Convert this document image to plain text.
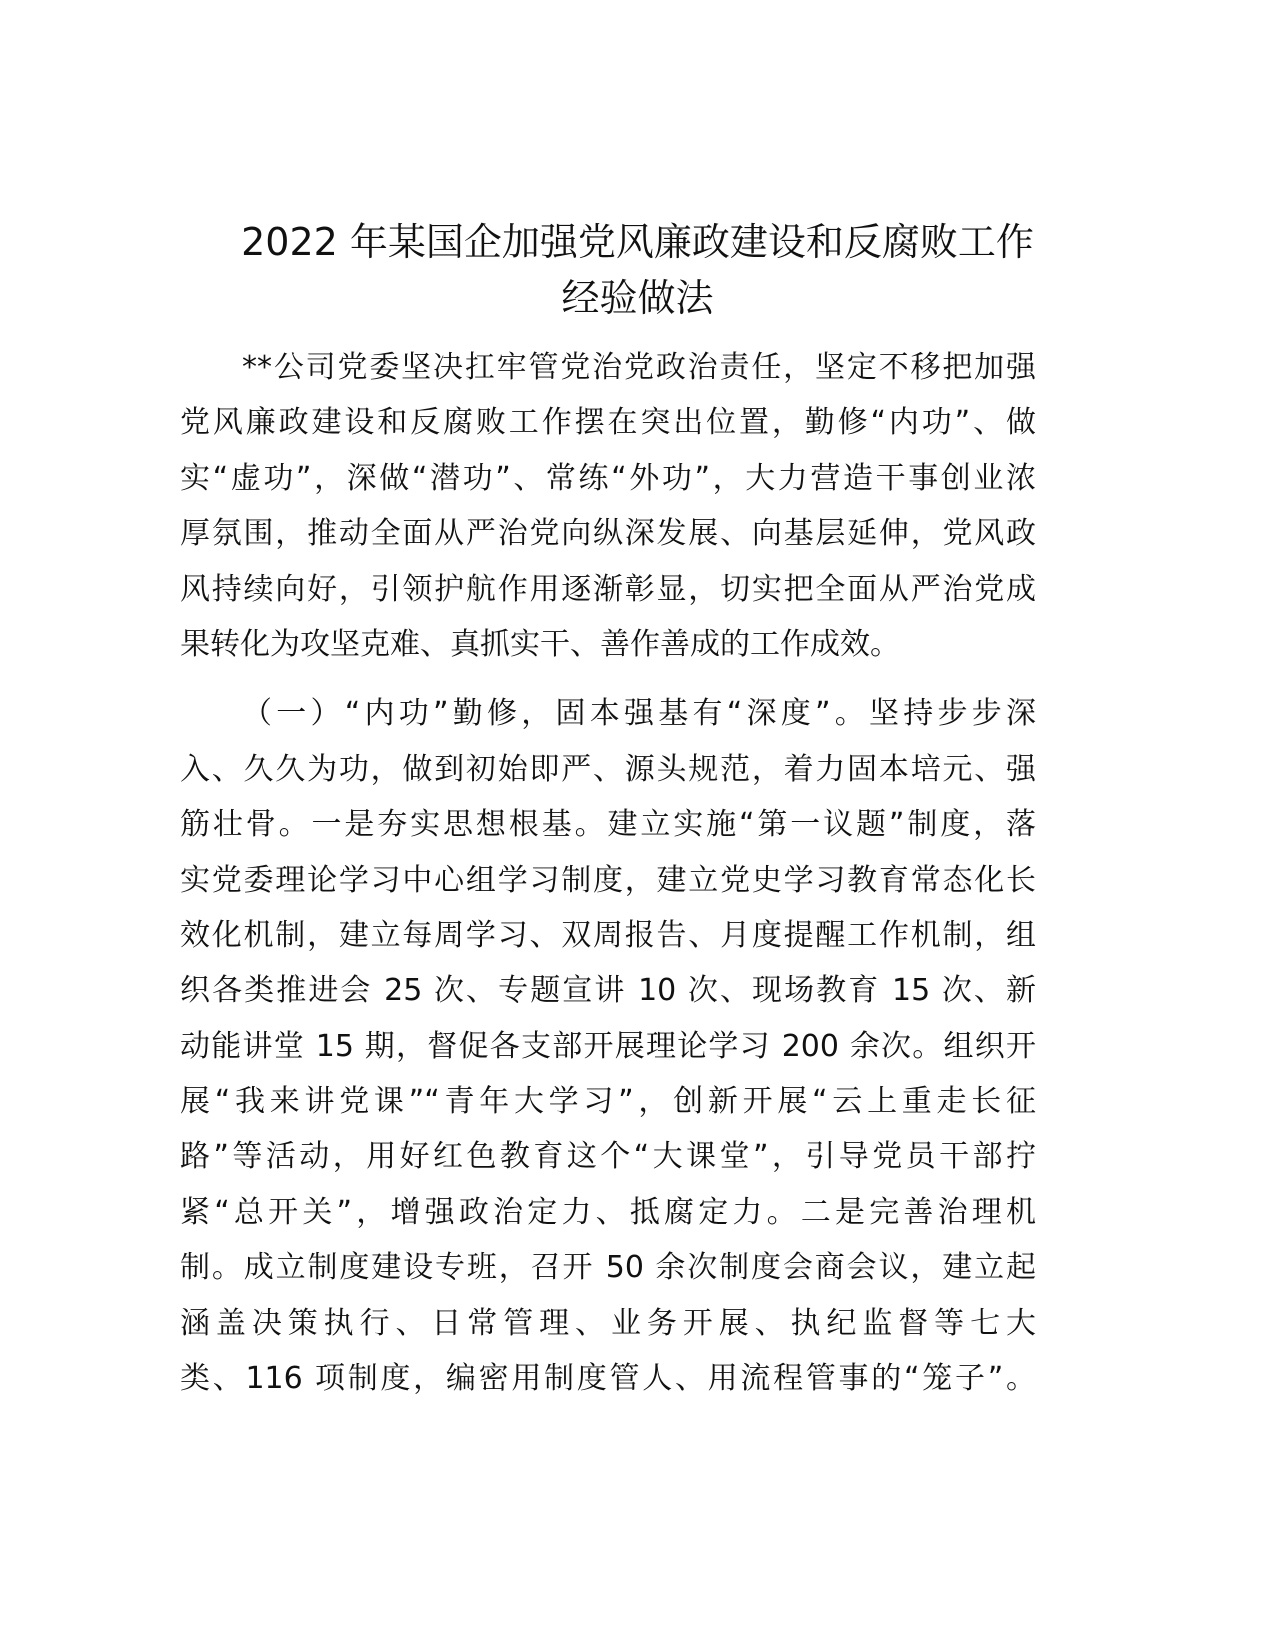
2022 年某国企加强党风廉政建设和反腐败工作
经验做法
**公司党委坚决扛牢管党治党政治责任，坚定不移把加强
党风廉政建设和反腐败工作摆在突出位置，勤修“内功”、做
实“虚功”，深做“潜功”、常练“外功”，大力营造干事创业浓
厚氛围，推动全面从严治党向纵深发展、向基层延伸，党风政
风持续向好，引领护航作用逐渐彰显，切实把全面从严治党成
果转化为攻坚克难、真抓实干、善作善成的工作成效。
（一）“内功”勤修，固本强基有“深度”。坚持步步深
入、久久为功，做到初始即严、源头规范，着力固本培元、强
筋壮骨。一是夯实思想根基。建立实施“第一议题”制度，落
实党委理论学习中心组学习制度，建立党史学习教育常态化长
效化机制，建立每周学习、双周报告、月度提醒工作机制，组
织各类推进会 25 次、专题宣讲 10 次、现场教育 15 次、新
动能讲堂 15 期，督促各支部开展理论学习 200 余次。组织开
展“我来讲党课”“青年大学习”，创新开展“云上重走长征
路”等活动，用好红色教育这个“大课堂”，引导党员干部拧
紧“总开关”，增强政治定力、抵腐定力。二是完善治理机
制。成立制度建设专班，召开 50 余次制度会商会议，建立起
涵盖决策执行、日常管理、业务开展、执纪监督等七大
类、116 项制度，编密用制度管人、用流程管事的“笼子”。
